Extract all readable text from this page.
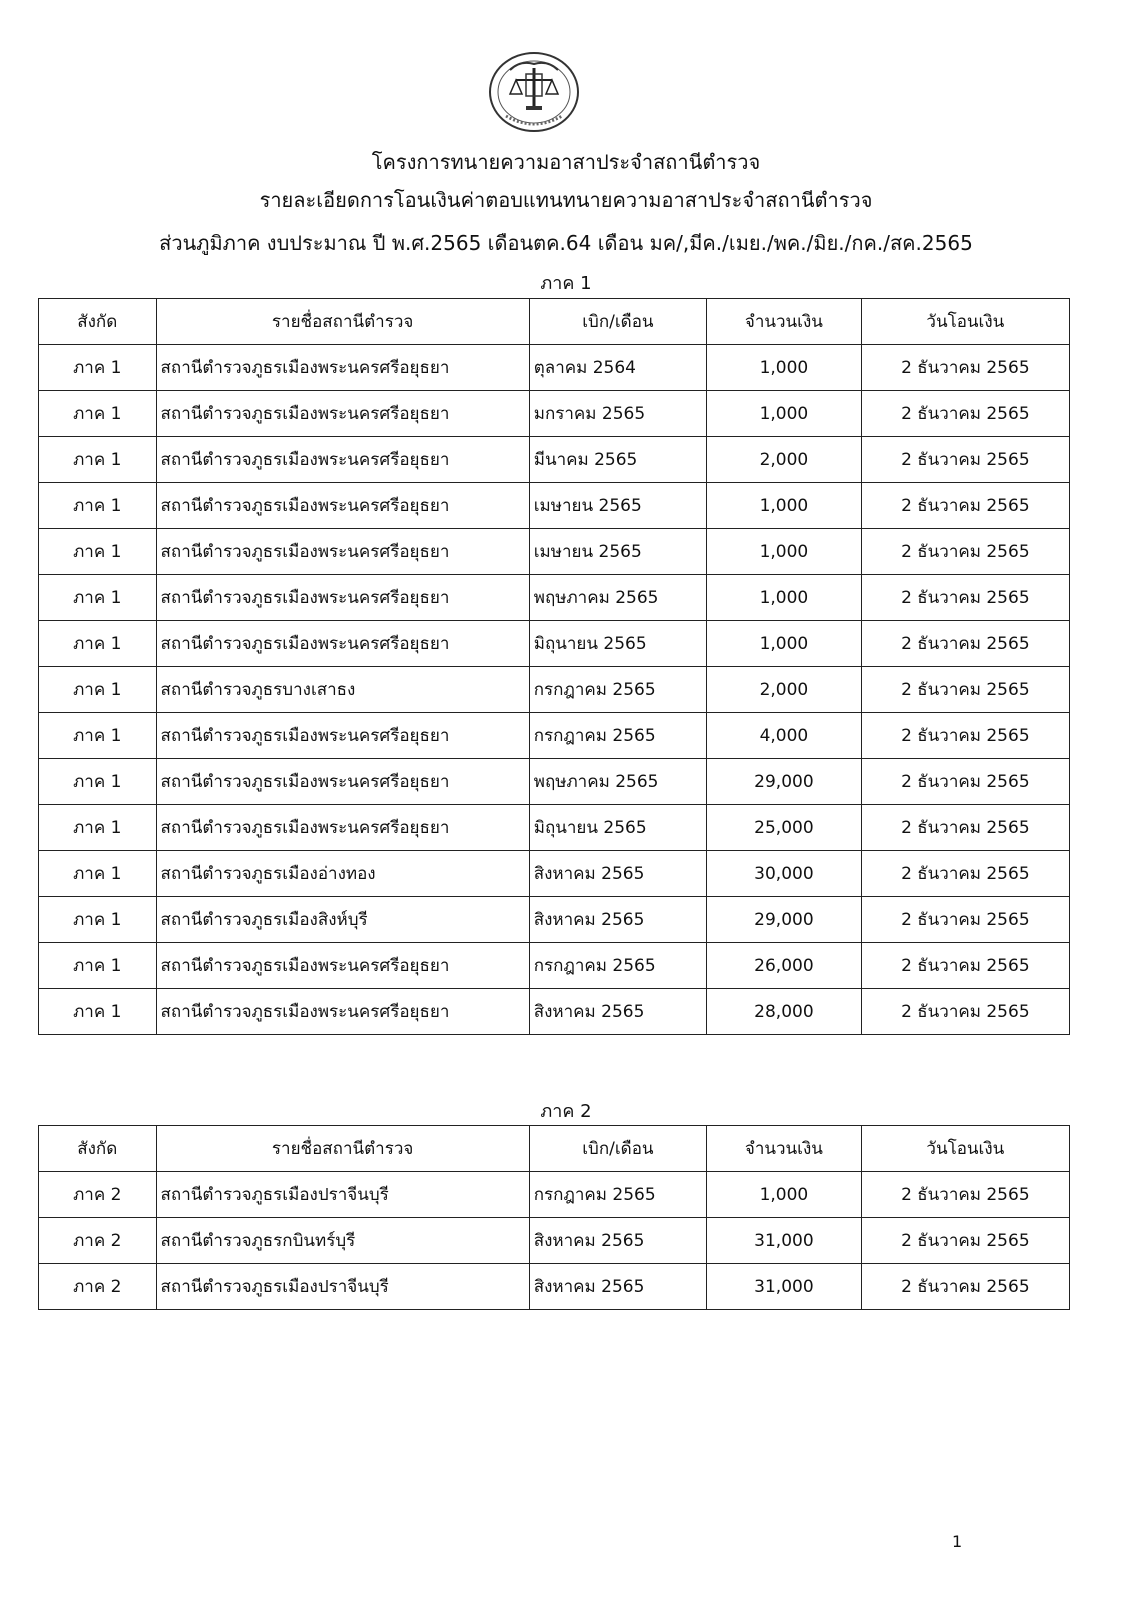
โครงการทนายความอาสาประจำสถานีตำรวจ
รายละเอียดการโอนเงินค่าตอบแทนทนายความอาสาประจำสถานีตำรวจ
ส่วนภูมิภาค งบประมาณ ปี พ.ศ.2565 เดือนตค.64 เดือน มค/,มีค./เมย./พค./มิย./กค./สค.2565
ภาค 1
สังกัด	รายชื่อสถานีตำรวจ	เบิก/เดือน	จำนวนเงิน	วันโอนเงิน
ภาค 1	สถานีตำรวจภูธรเมืองพระนครศรีอยุธยา	ตุลาคม 2564	1,000	2 ธันวาคม 2565
ภาค 1	สถานีตำรวจภูธรเมืองพระนครศรีอยุธยา	มกราคม 2565	1,000	2 ธันวาคม 2565
ภาค 1	สถานีตำรวจภูธรเมืองพระนครศรีอยุธยา	มีนาคม 2565	2,000	2 ธันวาคม 2565
ภาค 1	สถานีตำรวจภูธรเมืองพระนครศรีอยุธยา	เมษายน 2565	1,000	2 ธันวาคม 2565
ภาค 1	สถานีตำรวจภูธรเมืองพระนครศรีอยุธยา	เมษายน 2565	1,000	2 ธันวาคม 2565
ภาค 1	สถานีตำรวจภูธรเมืองพระนครศรีอยุธยา	พฤษภาคม 2565	1,000	2 ธันวาคม 2565
ภาค 1	สถานีตำรวจภูธรเมืองพระนครศรีอยุธยา	มิถุนายน 2565	1,000	2 ธันวาคม 2565
ภาค 1	สถานีตำรวจภูธรบางเสาธง	กรกฎาคม 2565	2,000	2 ธันวาคม 2565
ภาค 1	สถานีตำรวจภูธรเมืองพระนครศรีอยุธยา	กรกฎาคม 2565	4,000	2 ธันวาคม 2565
ภาค 1	สถานีตำรวจภูธรเมืองพระนครศรีอยุธยา	พฤษภาคม 2565	29,000	2 ธันวาคม 2565
ภาค 1	สถานีตำรวจภูธรเมืองพระนครศรีอยุธยา	มิถุนายน 2565	25,000	2 ธันวาคม 2565
ภาค 1	สถานีตำรวจภูธรเมืองอ่างทอง	สิงหาคม 2565	30,000	2 ธันวาคม 2565
ภาค 1	สถานีตำรวจภูธรเมืองสิงห์บุรี	สิงหาคม 2565	29,000	2 ธันวาคม 2565
ภาค 1	สถานีตำรวจภูธรเมืองพระนครศรีอยุธยา	กรกฎาคม 2565	26,000	2 ธันวาคม 2565
ภาค 1	สถานีตำรวจภูธรเมืองพระนครศรีอยุธยา	สิงหาคม 2565	28,000	2 ธันวาคม 2565
ภาค 2
สังกัด	รายชื่อสถานีตำรวจ	เบิก/เดือน	จำนวนเงิน	วันโอนเงิน
ภาค 2	สถานีตำรวจภูธรเมืองปราจีนบุรี	กรกฎาคม 2565	1,000	2 ธันวาคม 2565
ภาค 2	สถานีตำรวจภูธรกบินทร์บุรี	สิงหาคม 2565	31,000	2 ธันวาคม 2565
ภาค 2	สถานีตำรวจภูธรเมืองปราจีนบุรี	สิงหาคม 2565	31,000	2 ธันวาคม 2565
1
